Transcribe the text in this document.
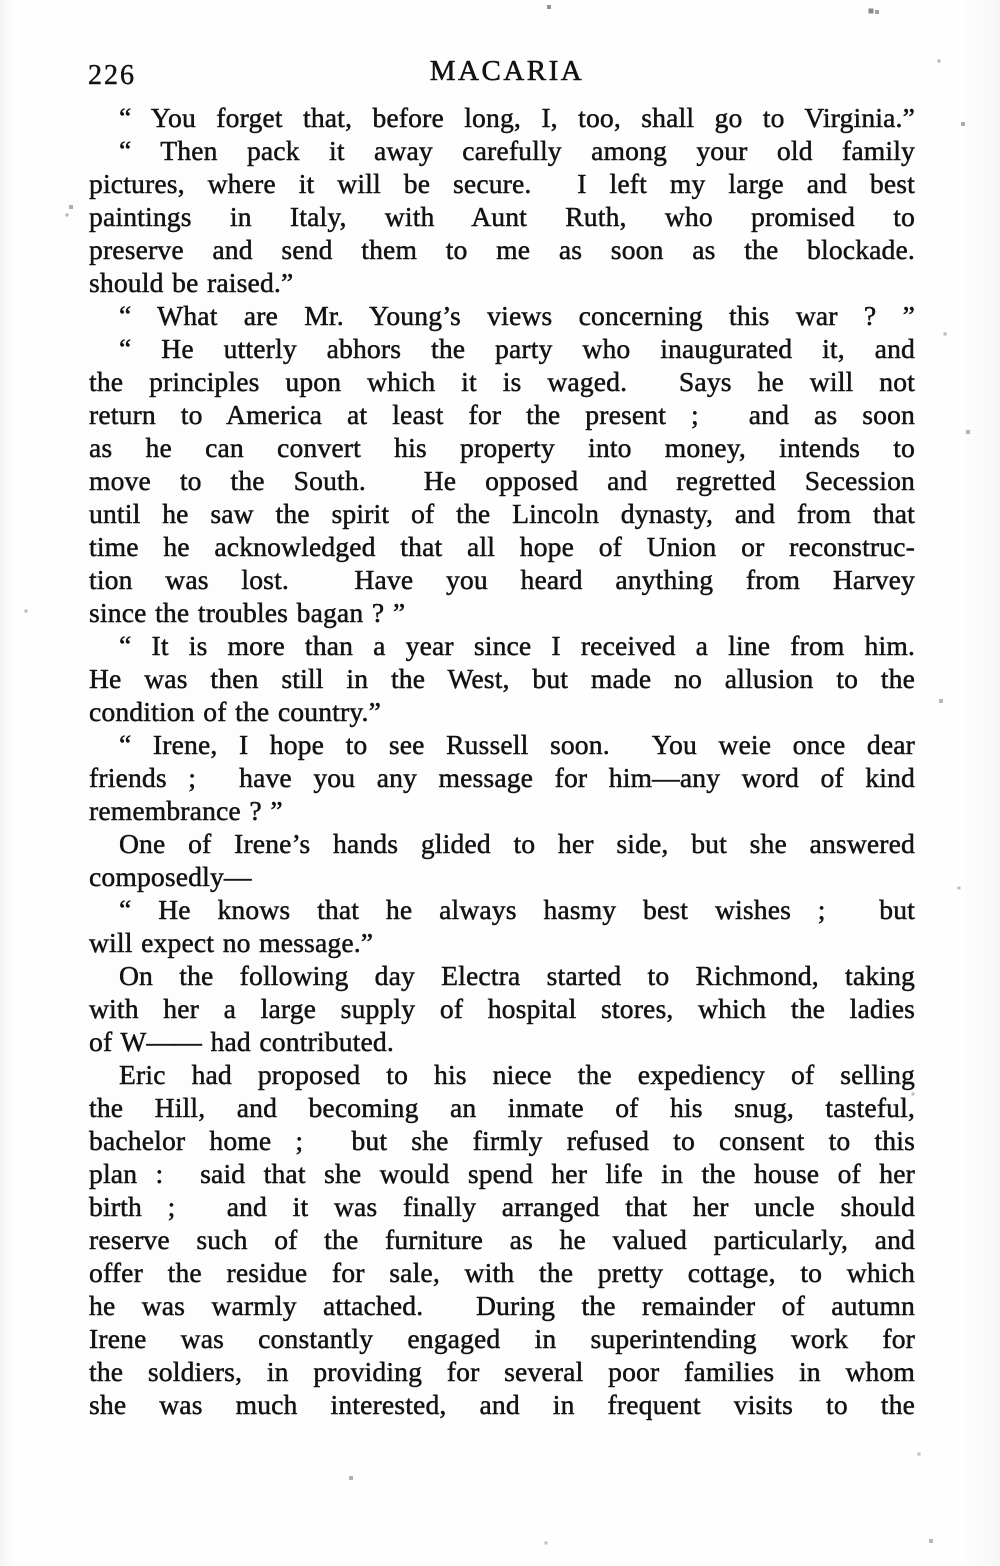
226	MACARIA
“ You forget that, before long, I, too, shall go to Virginia.”
“ Then pack it away carefully among your old family
pictures, where it will be secure.  I left my large and best
paintings in Italy, with Aunt Ruth, who promised to
preserve and send them to me as soon as the blockade.
should be raised.”
“ What are Mr. Young’s views concerning this war ? ”
“ He utterly abhors the party who inaugurated it, and
the principles upon which it is waged.  Says he will not
return to America at least for the present ;  and as soon
as he can convert his property into money, intends to
move to the South.  He opposed and regretted Secession
until he saw the spirit of the Lincoln dynasty, and from that
time he acknowledged that all hope of Union or reconstruc-
tion was lost.  Have you heard anything from Harvey
since the troubles bagan ? ”
“ It is more than a year since I received a line from him.
He was then still in the West, but made no allusion to the
condition of the country.”
“ Irene, I hope to see Russell soon.  You weie once dear
friends ;  have you any message for him—any word of kind
remembrance ? ”
One of Irene’s hands glided to her side, but she answered
composedly—
“ He knows that he always hasmy best wishes ;  but
will expect no message.”
On the following day Electra started to Richmond, taking
with her a large supply of hospital stores, which the ladies
of W—— had contributed.
Eric had proposed to his niece the expediency of selling
the Hill, and becoming an inmate of his snug, tasteful,
bachelor home ;  but she firmly refused to consent to this
plan :  said that she would spend her life in the house of her
birth ;  and it was finally arranged that her uncle should
reserve such of the furniture as he valued particularly, and
offer the residue for sale, with the pretty cottage, to which
he was warmly attached.  During the remainder of autumn
Irene was constantly engaged in superintending work for
the soldiers, in providing for several poor families in whom
she was much interested, and in frequent visits to the
